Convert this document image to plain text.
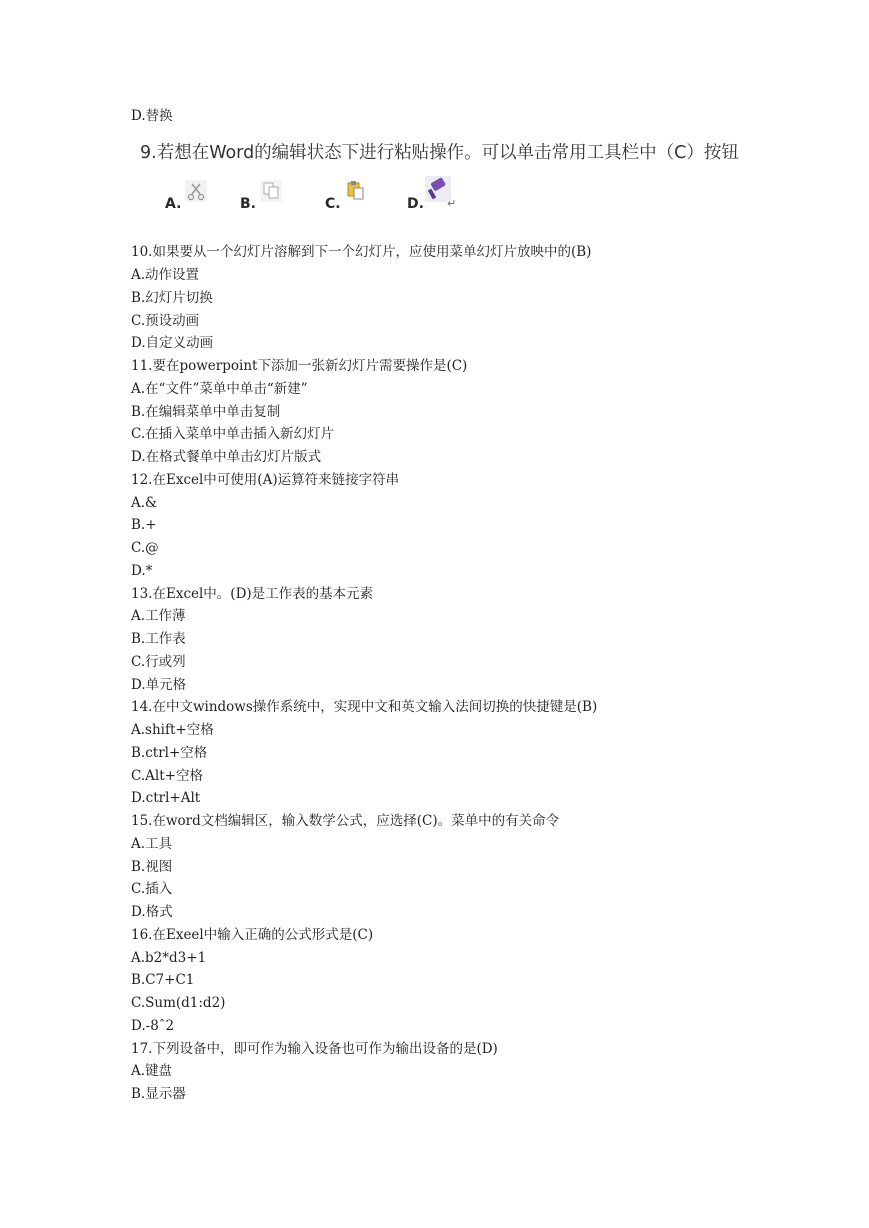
D.替换
9.若想在Word的编辑状态下进行粘贴操作。可以单击常用工具栏中（C）按钮
A.	B.	C.	D. ↵
10.如果要从一个幻灯片溶解到下一个幻灯片，应使用菜单幻灯片放映中的(B)
A.动作设置
B.幻灯片切换
C.预设动画
D.自定义动画
11.要在powerpoint下添加一张新幻灯片需要操作是(C)
A.在“文件”菜单中单击“新建”
B.在编辑菜单中单击复制
C.在插入菜单中单击插入新幻灯片
D.在格式餐单中单击幻灯片版式
12.在Excel中可使用(A)运算符来链接字符串
A.&
B.+
C.@
D.*
13.在Excel中。(D)是工作表的基本元素
A.工作薄
B.工作表
C.行或列
D.单元格
14.在中文windows操作系统中，实现中文和英文输入法间切换的快捷键是(B)
A.shift+空格
B.ctrl+空格
C.Alt+空格
D.ctrl+Alt
15.在word文档编辑区，输入数学公式，应选择(C)。菜单中的有关命令
A.工具
B.视图
C.插入
D.格式
16.在Exeel中输入正确的公式形式是(C)
A.b2*d3+1
B.C7+C1
C.Sum(d1:d2)
D.-8ˆ2
17.下列设备中，即可作为输入设备也可作为输出设备的是(D)
A.键盘
B.显示器
